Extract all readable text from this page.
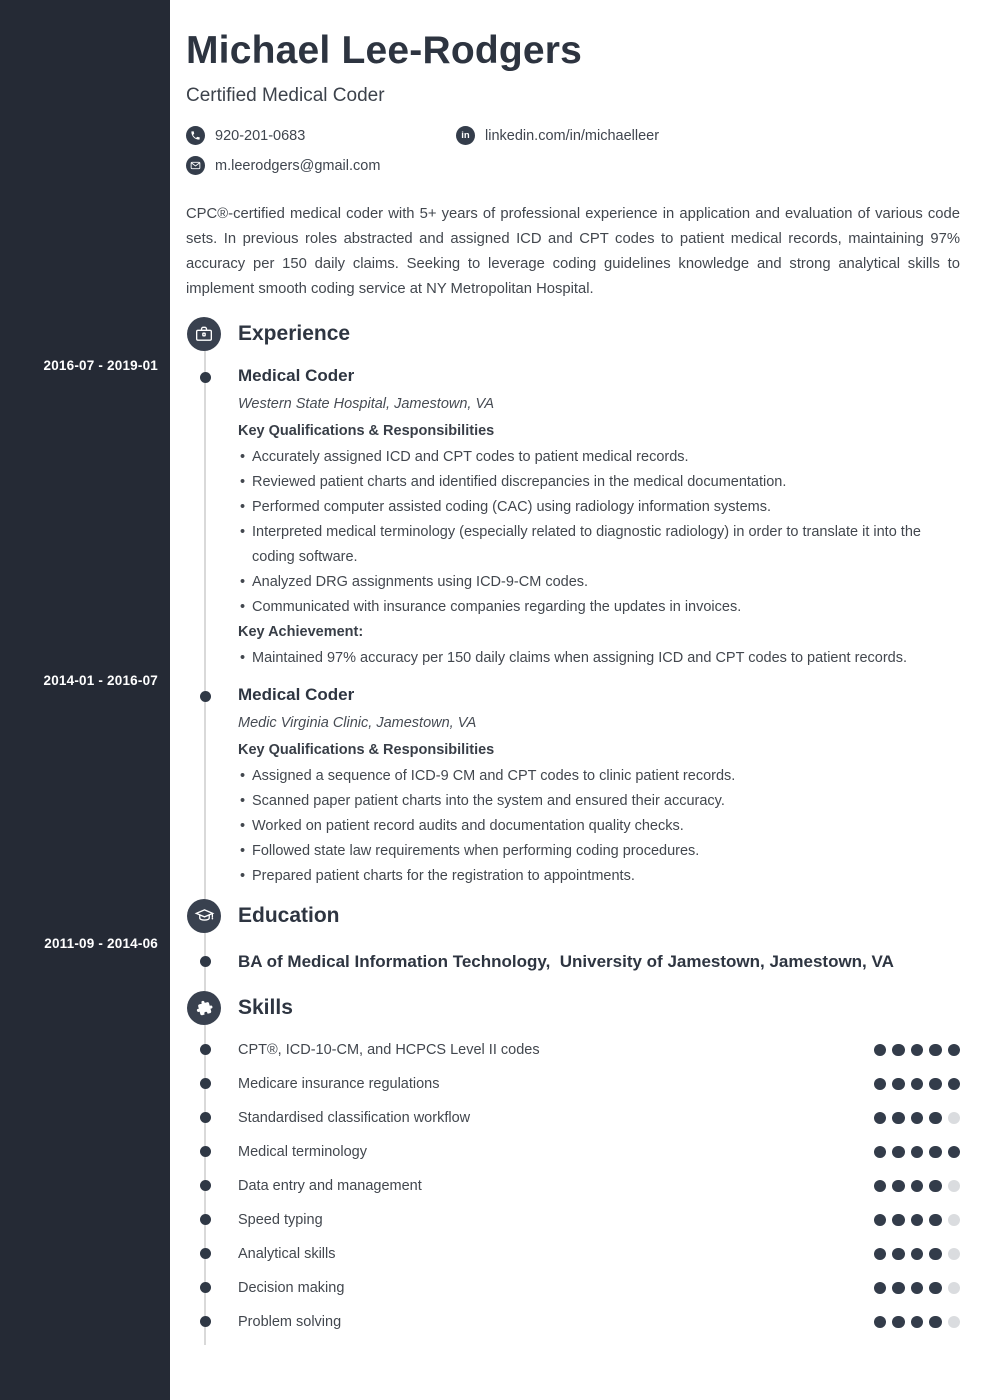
2016-07 - 2019-01
2014-01 - 2016-07
2011-09 - 2014-06
Michael Lee-Rodgers
Certified Medical Coder
920-201-0683	in linkedin.com/in/michaelleer
m.leerodgers@gmail.com

CPC®-certified medical coder with 5+ years of professional experience in application and evaluation of various code sets. In previous roles abstracted and assigned ICD and CPT codes to patient medical records, maintaining 97% accuracy per 150 daily claims. Seeking to leverage coding guidelines knowledge and strong analytical skills to implement smooth coding service at NY Metropolitan Hospital.

Experience
Medical Coder

Western State Hospital, Jamestown, VA

Key Qualifications & Responsibilities

• Accurately assigned ICD and CPT codes to patient medical records.
• Reviewed patient charts and identified discrepancies in the medical documentation.
• Performed computer assisted coding (CAC) using radiology information systems.
• Interpreted medical terminology (especially related to diagnostic radiology) in order to translate it into the coding software.
• Analyzed DRG assignments using ICD-9-CM codes.
• Communicated with insurance companies regarding the updates in invoices.

Key Achievement:

• Maintained 97% accuracy per 150 daily claims when assigning ICD and CPT codes to patient records.
Medical Coder

Medic Virginia Clinic, Jamestown, VA

Key Qualifications & Responsibilities

• Assigned a sequence of ICD-9 CM and CPT codes to clinic patient records.
• Scanned paper patient charts into the system and ensured their accuracy.
• Worked on patient record audits and documentation quality checks.
• Followed state law requirements when performing coding procedures.
• Prepared patient charts for the registration to appointments.
Education

BA of Medical Information Technology,  University of Jamestown, Jamestown, VA

Skills
CPT®, ICD-10-CM, and HCPCS Level II codes
Medicare insurance regulations
Standardised classification workflow
Medical terminology
Data entry and management
Speed typing
Analytical skills
Decision making
Problem solving
